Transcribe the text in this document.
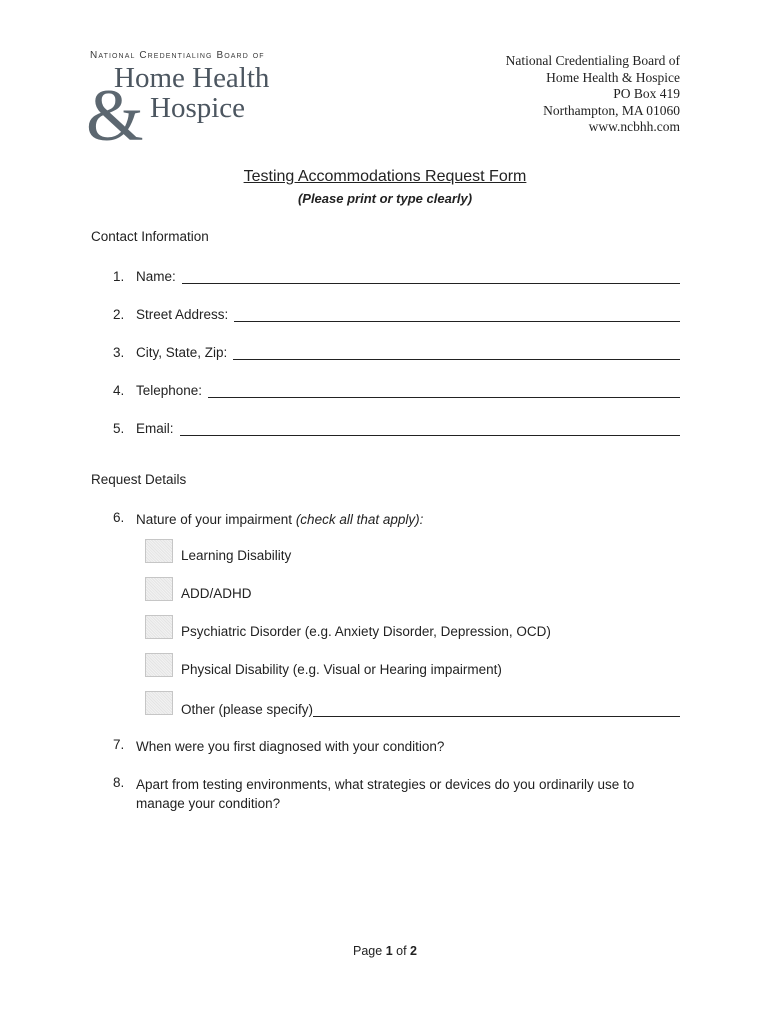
National Credentialing Board of
&
Home Health
Hospice
National Credentialing Board of
Home Health & Hospice
PO Box 419
Northampton, MA 01060
www.ncbhh.com
Testing Accommodations Request Form
(Please print or type clearly)
Contact Information
1. Name:
2. Street Address:
3. City, State, Zip:
4. Telephone:
5. Email:
Request Details
6. Nature of your impairment (check all that apply):
Learning Disability
ADD/ADHD
Psychiatric Disorder (e.g. Anxiety Disorder, Depression, OCD)
Physical Disability (e.g. Visual or Hearing impairment)
Other (please specify)
7. When were you first diagnosed with your condition?
8. Apart from testing environments, what strategies or devices do you ordinarily use to manage your condition?
Page 1 of 2
